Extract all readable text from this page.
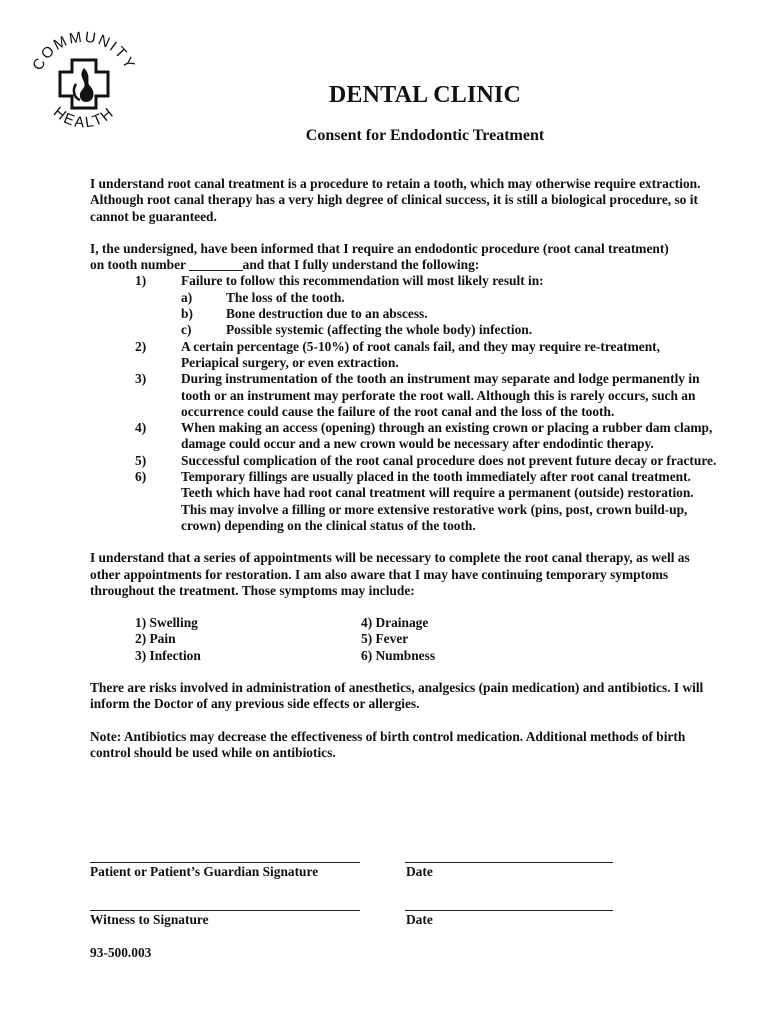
COMMUNITY
HEALTH
DENTAL CLINIC
Consent for Endodontic Treatment

I understand root canal treatment is a procedure to retain a tooth, which may otherwise require extraction. Although root canal therapy has a very high degree of clinical success, it is still a biological procedure, so it cannot be guaranteed.

I, the undersigned, have been informed that I require an endodontic procedure (root canal treatment)

on tooth number ________and that I fully understand the following:

1)	Failure to follow this recommendation will most likely result in:
a)	The loss of the tooth.
b)	Bone destruction due to an abscess.
c)	Possible systemic (affecting the whole body) infection.
2)	A certain percentage (5-10%) of root canals fail, and they may require re-treatment, Periapical surgery, or even extraction.
3)	During instrumentation of the tooth an instrument may separate and lodge permanently in tooth or an instrument may perforate the root wall. Although this is rarely occurs, such an occurrence could cause the failure of the root canal and the loss of the tooth.
4)	When making an access (opening) through an existing crown or placing a rubber dam clamp, damage could occur and a new crown would be necessary after endodintic therapy.
5)	Successful complication of the root canal procedure does not prevent future decay or fracture.
6)	Temporary fillings are usually placed in the tooth immediately after root canal treatment.
Teeth which have had root canal treatment will require a permanent (outside) restoration.
This may involve a filling or more extensive restorative work (pins, post, crown build-up, crown) depending on the clinical status of the tooth.

I understand that a series of appointments will be necessary to complete the root canal therapy, as well as other appointments for restoration. I am also aware that I may have continuing temporary symptoms throughout the treatment. Those symptoms may include:

1) Swelling
2) Pain
3) Infection
4) Drainage
5) Fever
6) Numbness

There are risks involved in administration of anesthetics, analgesics (pain medication) and antibiotics. I will inform the Doctor of any previous side effects or allergies.

Note: Antibiotics may decrease the effectiveness of birth control medication. Additional methods of birth control should be used while on antibiotics.

Patient or Patient’s Guardian Signature	Date
Witness to Signature	Date
93-500.003
